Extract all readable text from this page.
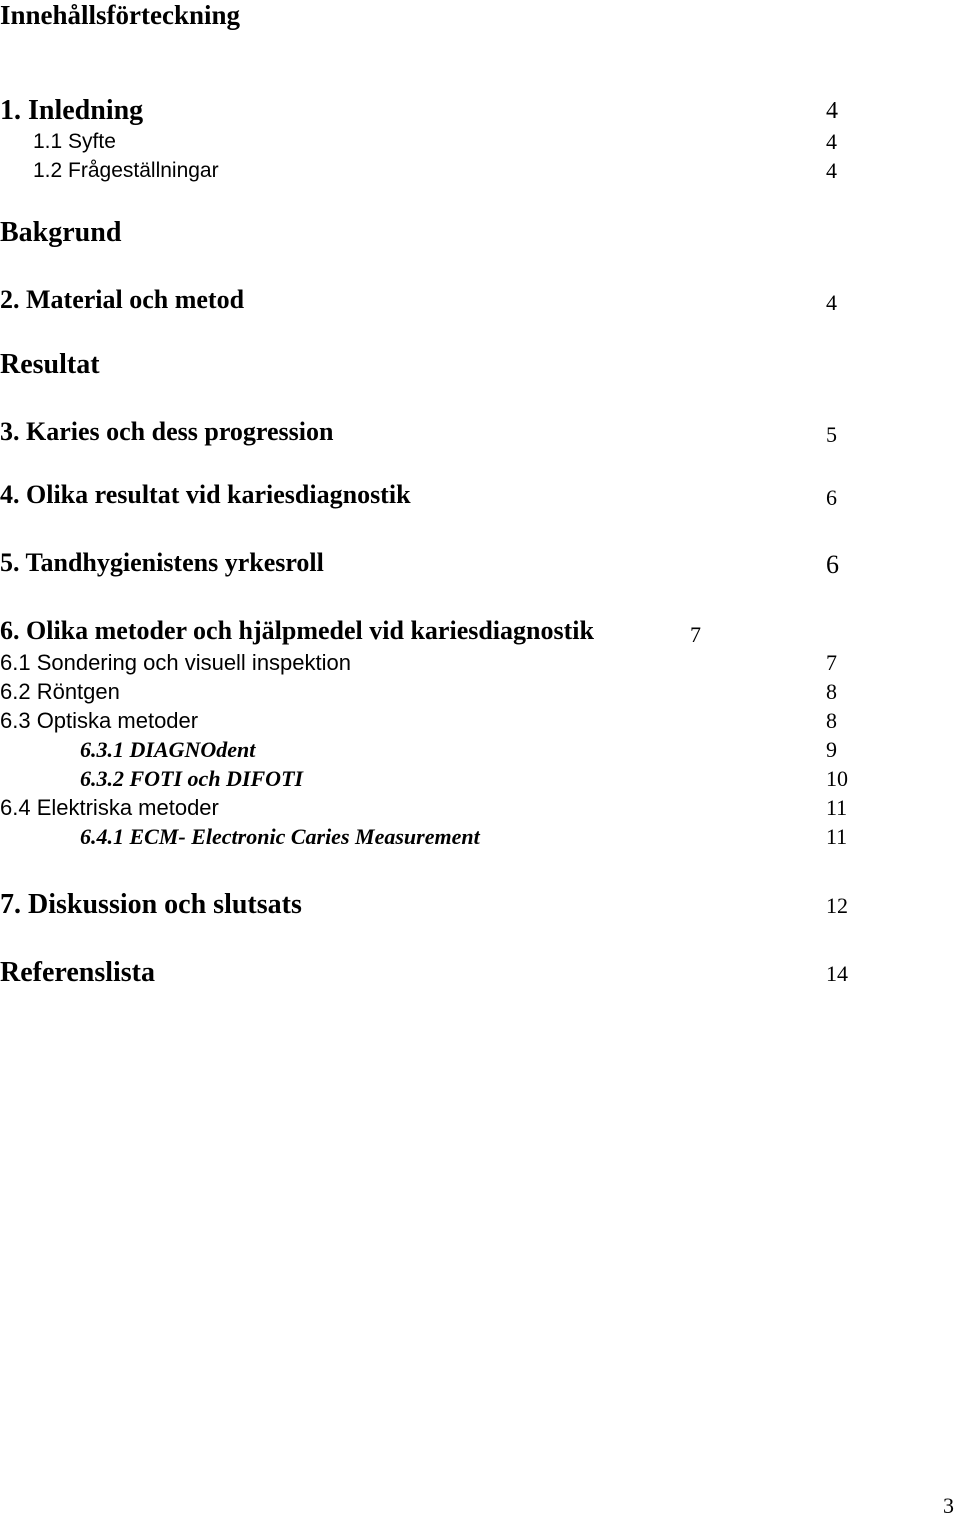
Innehållsförteckning
1. Inledning	4
1.1 Syfte	4
1.2 Frågeställningar	4
Bakgrund
2. Material och metod	4
Resultat
3. Karies och dess progression	5
4. Olika resultat vid kariesdiagnostik	6
5. Tandhygienistens yrkesroll	6
6. Olika metoder och hjälpmedel vid kariesdiagnostik	7
6.1 Sondering och visuell inspektion	7
6.2 Röntgen	8
6.3 Optiska metoder	8
6.3.1 DIAGNOdent	9
6.3.2 FOTI och DIFOTI	10
6.4 Elektriska metoder	11
6.4.1 ECM- Electronic Caries Measurement	11
7. Diskussion och slutsats	12
Referenslista	14
3
